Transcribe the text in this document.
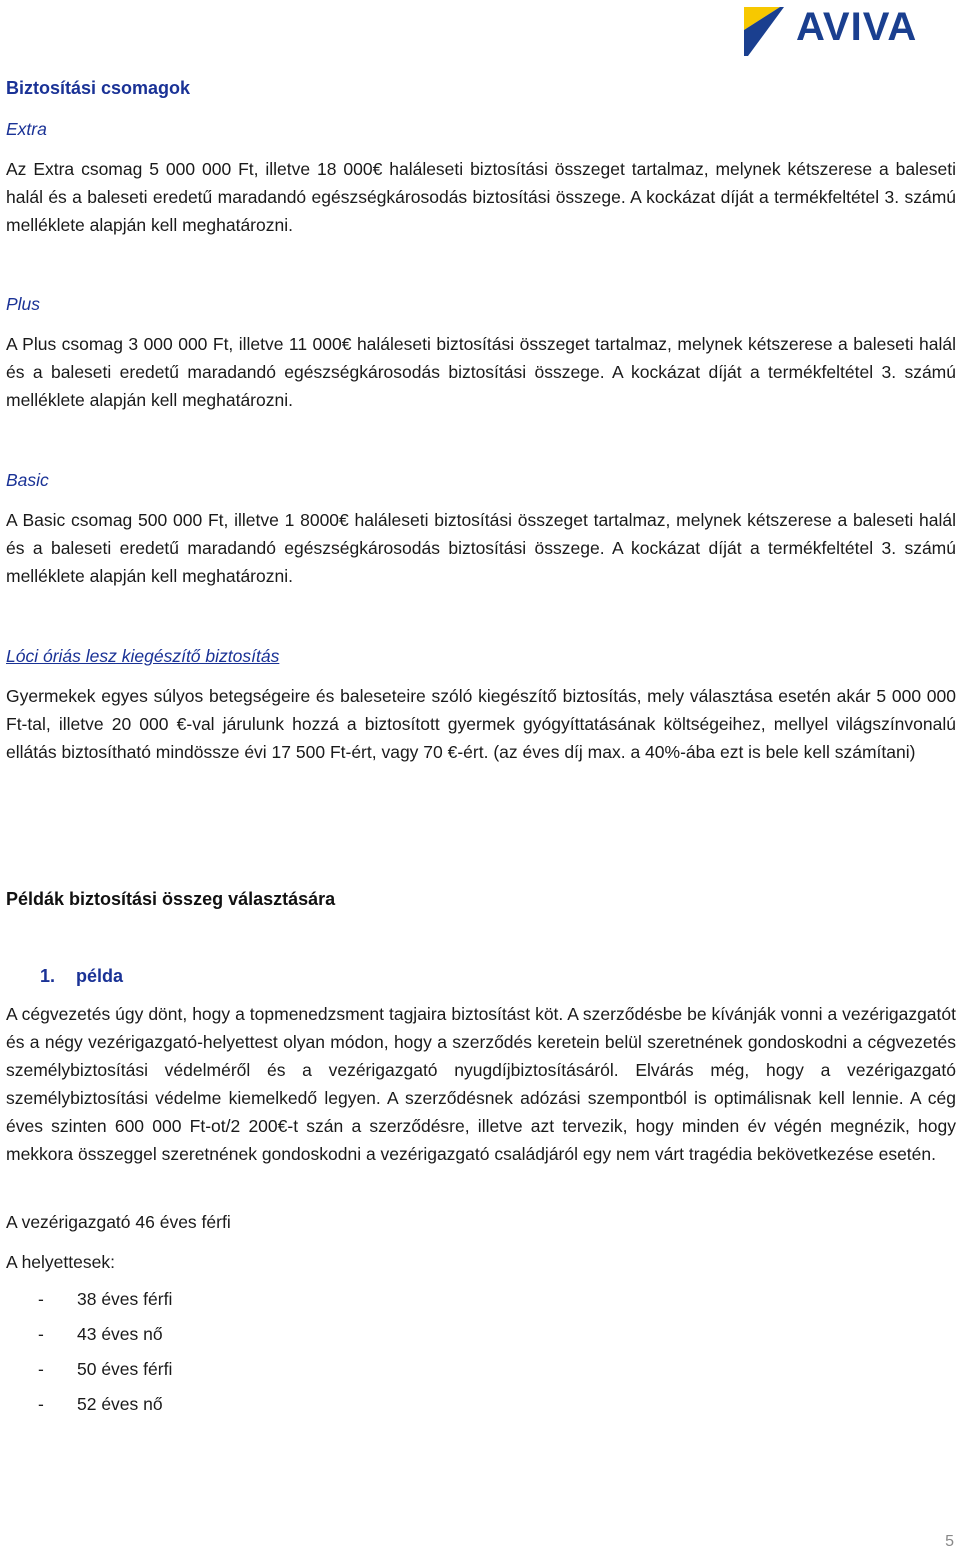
AVIVA

Biztosítási csomagok

Extra

Az Extra csomag 5 000 000 Ft, illetve 18 000€ haláleseti biztosítási összeget tartalmaz, melynek kétszerese a baleseti halál és a baleseti eredetű maradandó egészségkárosodás biztosítási összege. A kockázat díját a termékfeltétel 3. számú melléklete alapján kell meghatározni.

Plus

A Plus csomag 3 000 000 Ft, illetve 11 000€ haláleseti biztosítási összeget tartalmaz, melynek kétszerese a baleseti halál és a baleseti eredetű maradandó egészségkárosodás biztosítási összege. A kockázat díját a termékfeltétel 3. számú melléklete alapján kell meghatározni.

Basic

A Basic csomag 500 000 Ft, illetve 1 8000€ haláleseti biztosítási összeget tartalmaz, melynek kétszerese a baleseti halál és a baleseti eredetű maradandó egészségkárosodás biztosítási összege. A kockázat díját a termékfeltétel 3. számú melléklete alapján kell meghatározni.

Lóci óriás lesz kiegészítő biztosítás

Gyermekek egyes súlyos betegségeire és baleseteire szóló kiegészítő biztosítás, mely választása esetén akár 5 000 000 Ft-tal, illetve 20 000 €-val járulunk hozzá a biztosított gyermek gyógyíttatásának költségeihez, mellyel világszínvonalú ellátás biztosítható mindössze évi 17 500 Ft-ért, vagy 70 €-ért. (az éves díj max. a 40%-ába ezt is bele kell számítani)

Példák biztosítási összeg választására

1. példa

A cégvezetés úgy dönt, hogy a topmenedzsment tagjaira biztosítást köt. A szerződésbe be kívánják vonni a vezérigazgatót és a négy vezérigazgató-helyettest olyan módon, hogy a szerződés keretein belül szeretnének gondoskodni a cégvezetés személybiztosítási védelméről és a vezérigazgató nyugdíjbiztosításáról. Elvárás még, hogy a vezérigazgató személybiztosítási védelme kiemelkedő legyen. A szerződésnek adózási szempontból is optimálisnak kell lennie. A cég éves szinten 600 000 Ft-ot/2 200€-t szán a szerződésre, illetve azt tervezik, hogy minden év végén megnézik, hogy mekkora összeggel szeretnének gondoskodni a vezérigazgató családjáról egy nem várt tragédia bekövetkezése esetén.

A vezérigazgató 46 éves férfi

A helyettesek:

- 38 éves férfi
- 43 éves nő
- 50 éves férfi
- 52 éves nő
5
